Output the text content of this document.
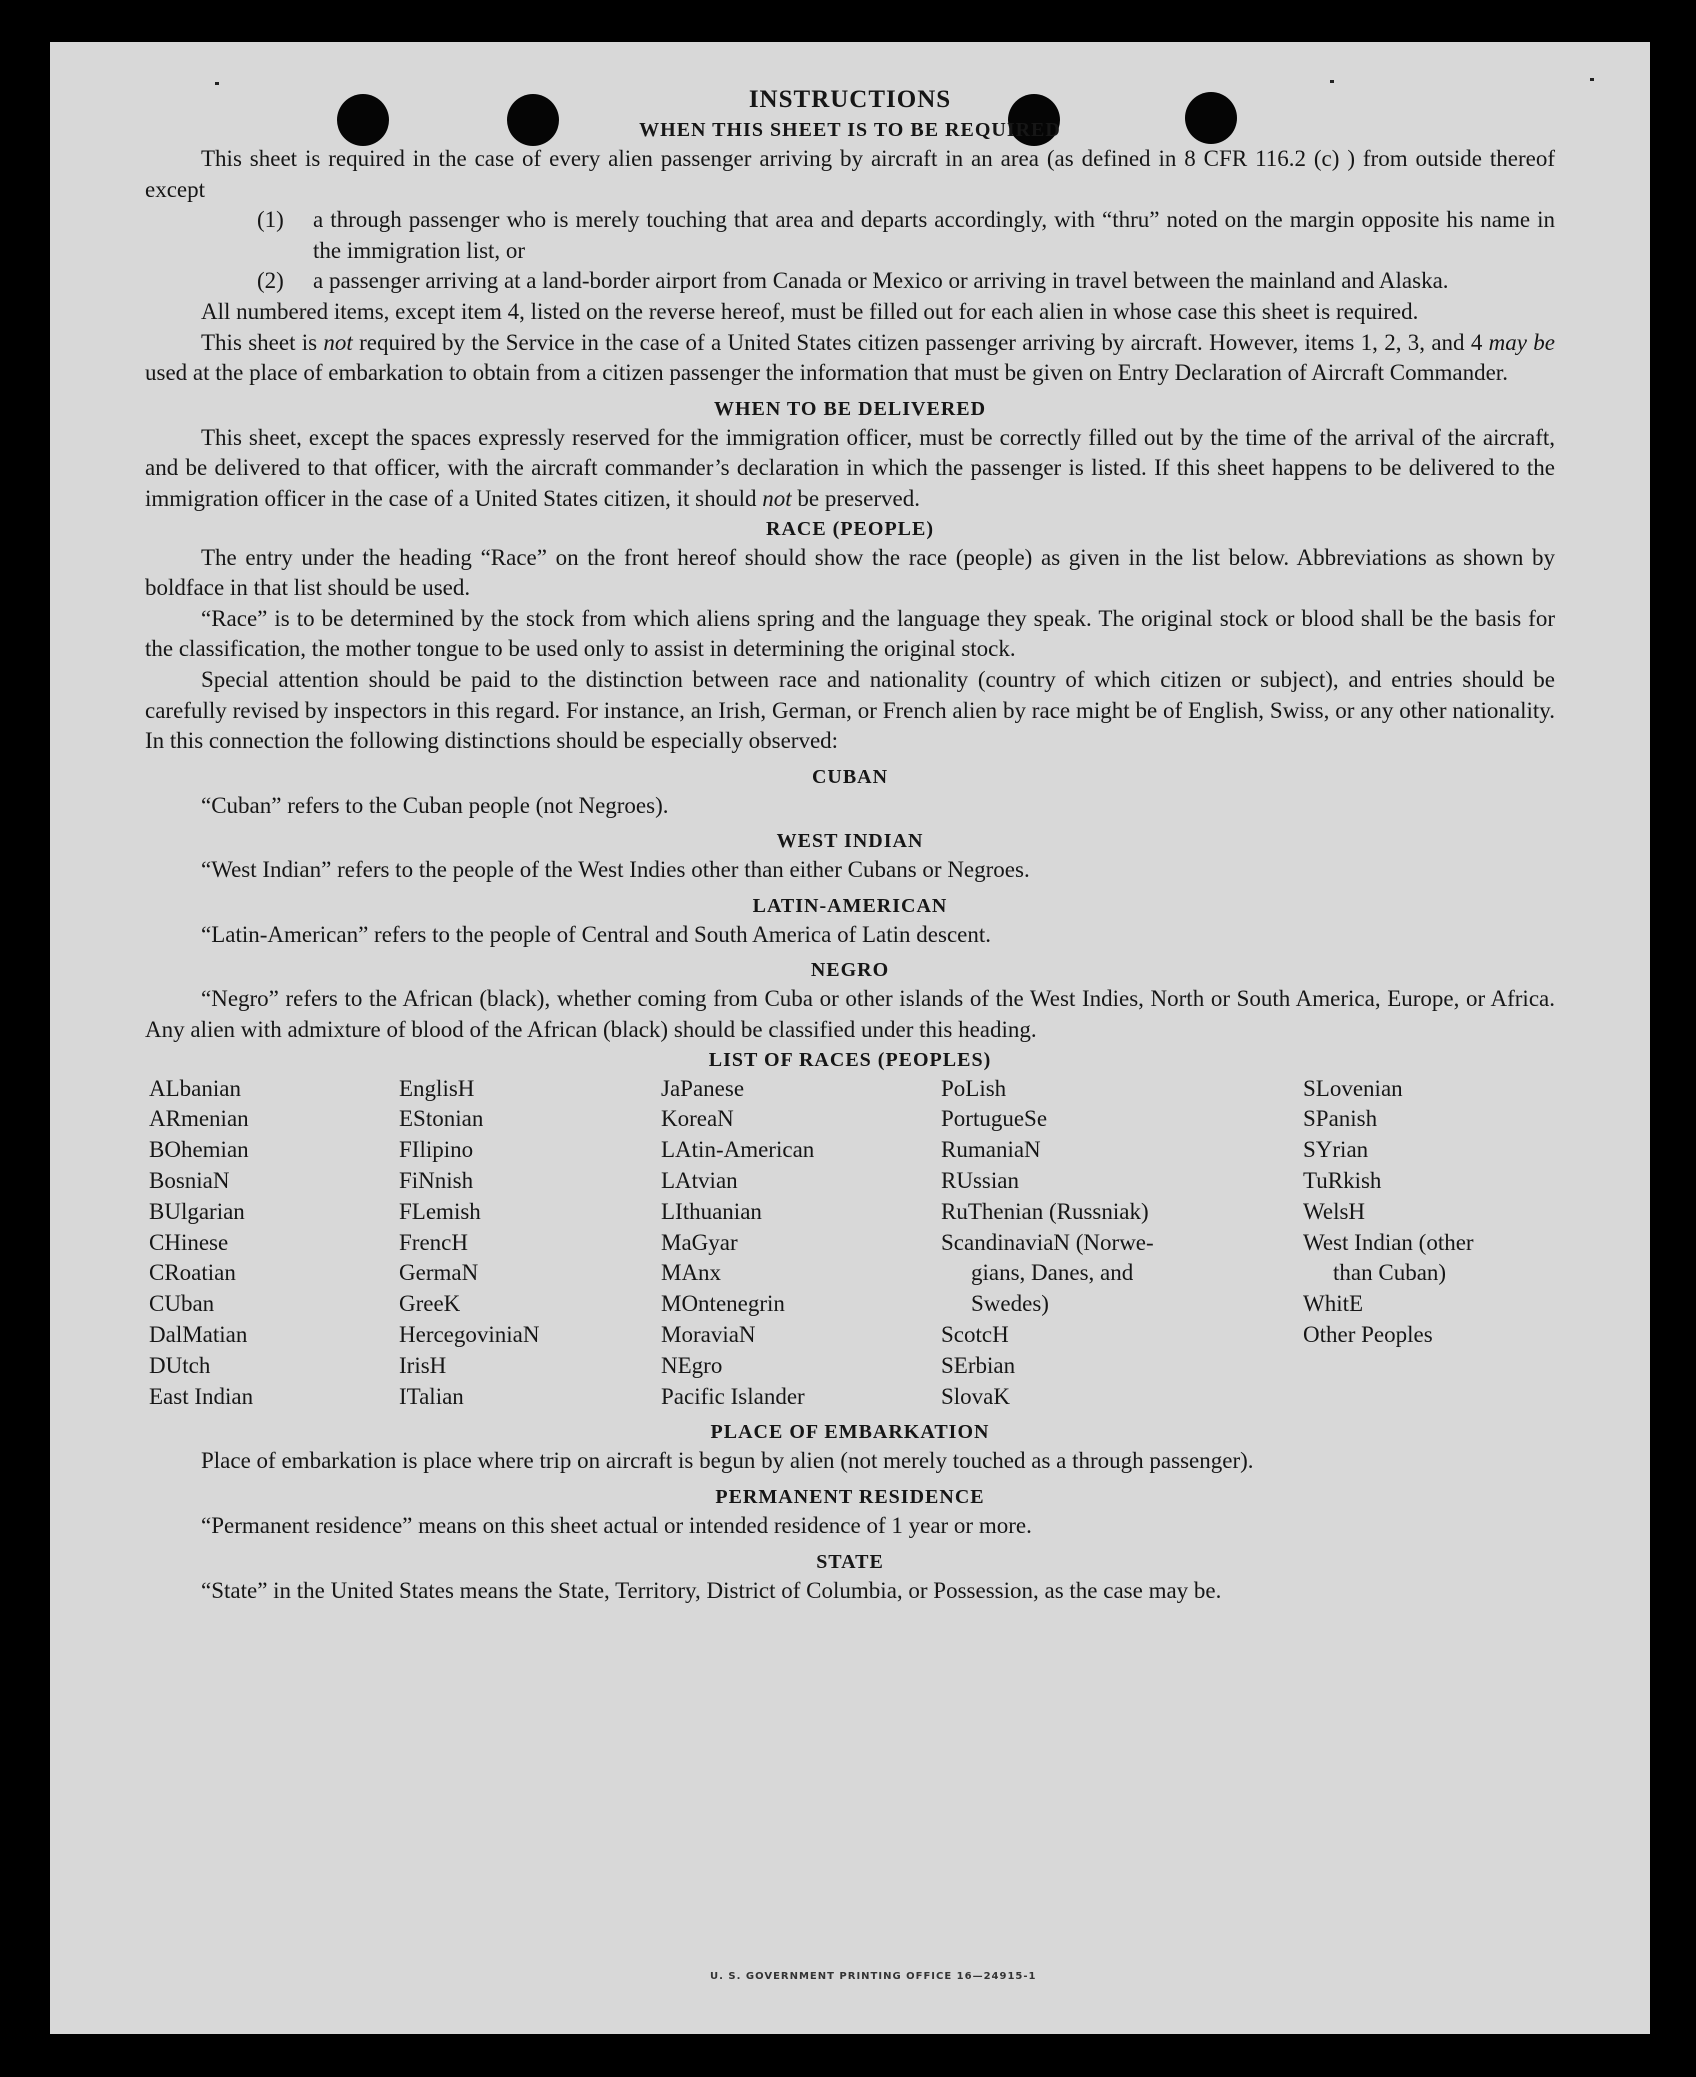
INSTRUCTIONS
WHEN THIS SHEET IS TO BE REQUIRED

This sheet is required in the case of every alien passenger arriving by aircraft in an area (as defined in 8 CFR 116.2 (c) ) from outside thereof except

(1)	a through passenger who is merely touching that area and departs accordingly, with “thru” noted on the margin opposite his name in the immigration list, or
(2)	a passenger arriving at a land-border airport from Canada or Mexico or arriving in travel between the mainland and Alaska.

All numbered items, except item 4, listed on the reverse hereof, must be filled out for each alien in whose case this sheet is required.

This sheet is not required by the Service in the case of a United States citizen passenger arriving by aircraft. However, items 1, 2, 3, and 4 may be used at the place of embarkation to obtain from a citizen passenger the information that must be given on Entry Declaration of Aircraft Commander.

WHEN TO BE DELIVERED

This sheet, except the spaces expressly reserved for the immigration officer, must be correctly filled out by the time of the arrival of the aircraft, and be delivered to that officer, with the aircraft commander’s declaration in which the passenger is listed. If this sheet happens to be delivered to the immigration officer in the case of a United States citizen, it should not be preserved.

RACE (PEOPLE)

The entry under the heading “Race” on the front hereof should show the race (people) as given in the list below. Abbreviations as shown by boldface in that list should be used.

“Race” is to be determined by the stock from which aliens spring and the language they speak. The original stock or blood shall be the basis for the classification, the mother tongue to be used only to assist in determining the original stock.

Special attention should be paid to the distinction between race and nationality (country of which citizen or subject), and entries should be carefully revised by inspectors in this regard. For instance, an Irish, German, or French alien by race might be of English, Swiss, or any other nationality. In this connection the following distinctions should be especially observed:

CUBAN

“Cuban” refers to the Cuban people (not Negroes).

WEST INDIAN

“West Indian” refers to the people of the West Indies other than either Cubans or Negroes.

LATIN-AMERICAN

“Latin-American” refers to the people of Central and South America of Latin descent.

NEGRO

“Negro” refers to the African (black), whether coming from Cuba or other islands of the West Indies, North or South America, Europe, or Africa. Any alien with admixture of blood of the African (black) should be classified under this heading.

LIST OF RACES (PEOPLES)
ALbanian
ARmenian
BOhemian
BosniaN
BUlgarian
CHinese
CRoatian
CUban
DalMatian
DUtch
East Indian
EnglisH
EStonian
FIlipino
FiNnish
FLemish
FrencH
GermaN
GreeK
HercegoviniaN
IrisH
ITalian
JaPanese
KoreaN
LAtin-American
LAtvian
LIthuanian
MaGyar
MAnx
MOntenegrin
MoraviaN
NEgro
Pacific Islander
PoLish
PortugueSe
RumaniaN
RUssian
RuThenian (Russniak)
ScandinaviaN (Norwe-
gians, Danes, and
Swedes)
ScotcH
SErbian
SlovaK
SLovenian
SPanish
SYrian
TuRkish
WelsH
West Indian (other
than Cuban)
WhitE
Other Peoples
PLACE OF EMBARKATION

Place of embarkation is place where trip on aircraft is begun by alien (not merely touched as a through passenger).

PERMANENT RESIDENCE

“Permanent residence” means on this sheet actual or intended residence of 1 year or more.

STATE

“State” in the United States means the State, Territory, District of Columbia, or Possession, as the case may be.

U. S. GOVERNMENT PRINTING OFFICE 16—24915-1
